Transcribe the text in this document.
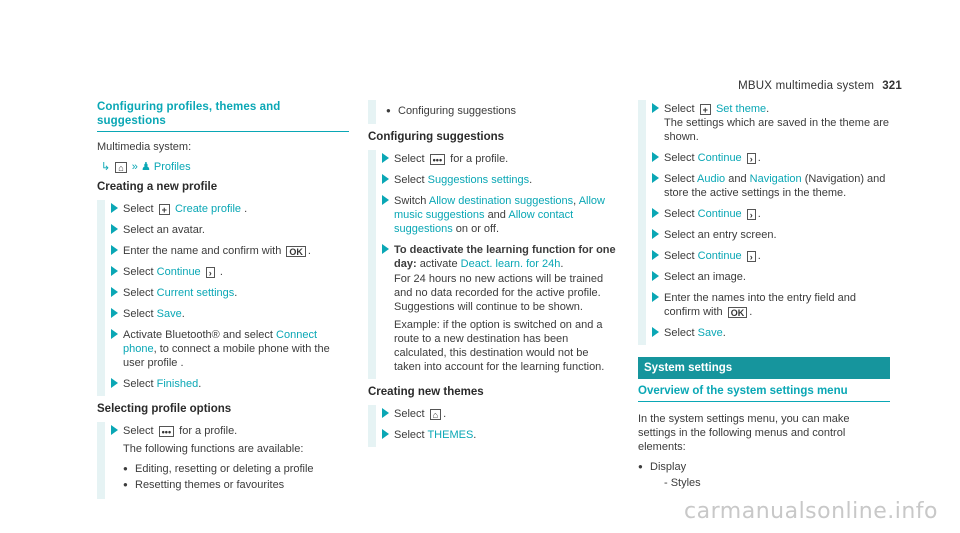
MBUX multimedia system 321
Configuring profiles, themes and suggestions
Multimedia system:
↳ ⌂ » ♟ Profiles
Creating a new profile
Select + Create profile .
Select an avatar.
Enter the name and confirm with OK .
Select Continue › .
Select Current settings.
Select Save.
Activate Bluetooth® and select Connect phone, to connect a mobile phone with the user profile .
Select Finished.
Selecting profile options
Select ••• for a profile.
The following functions are available:
● Editing, resetting or deleting a profile
● Resetting themes or favourites
● Configuring suggestions
Configuring suggestions
Select ••• for a profile.
Select Suggestions settings.
Switch Allow destination suggestions, Allow music suggestions and Allow contact suggestions on or off.
To deactivate the learning function for one day: activate Deact. learn. for 24h.
For 24 hours no new actions will be trained and no data recorded for the active profile. Suggestions will continue to be shown.
Example: if the option is switched on and a route to a new destination has been calculated, this destination would not be taken into account for the learning function.
Creating new themes
Select ⌂ .
Select THEMES.
Select + Set theme.
The settings which are saved in the theme are shown.
Select Continue › .
Select Audio and Navigation (Navigation) and store the active settings in the theme.
Select Continue › .
Select an entry screen.
Select Continue › .
Select an image.
Enter the names into the entry field and confirm with OK .
Select Save.
System settings
Overview of the system settings menu
In the system settings menu, you can make settings in the following menus and control elements:
● Display
- Styles
carmanualsonline.info
